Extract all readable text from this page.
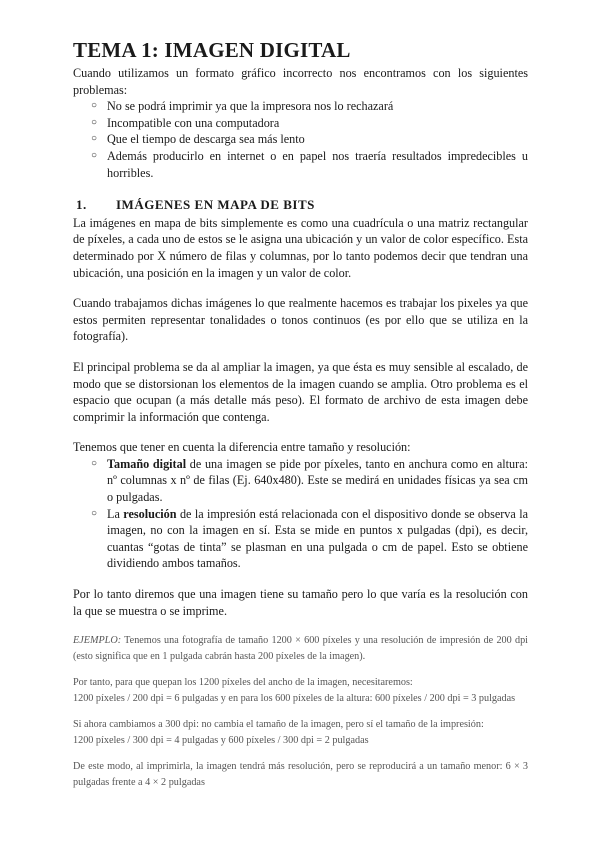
TEMA 1: IMAGEN DIGITAL

Cuando utilizamos un formato gráfico incorrecto nos encontramos con los siguientes problemas:

○ No se podrá imprimir ya que la impresora nos lo rechazará
○ Incompatible con una computadora
○ Que el tiempo de descarga sea más lento
○ Además producirlo en internet o en papel nos traería resultados impredecibles u horribles.
1. IMÁGENES EN MAPA DE BITS

La imágenes en mapa de bits simplemente es como una cuadrícula o una matriz rectangular de píxeles, a cada uno de estos se le asigna una ubicación y un valor de color específico. Esta determinado por X número de filas y columnas, por lo tanto podemos decir que tendran una ubicación, una posición en la imagen y un valor de color.

Cuando trabajamos dichas imágenes lo que realmente hacemos es trabajar los pixeles ya que estos permiten representar tonalidades o tonos continuos (es por ello que se utiliza en la fotografía).

El principal problema se da al ampliar la imagen, ya que ésta es muy sensible al escalado, de modo que se distorsionan los elementos de la imagen cuando se amplia. Otro problema es el espacio que ocupan (a más detalle más peso). El formato de archivo de esta imagen debe comprimir la información que contenga.

Tenemos que tener en cuenta la diferencia entre tamaño y resolución:

○ Tamaño digital de una imagen se pide por píxeles, tanto en anchura como en altura: nº columnas x nº de filas (Ej. 640x480). Este se medirá en unidades físicas ya sea cm o pulgadas.
○ La resolución de la impresión está relacionada con el dispositivo donde se observa la imagen, no con la imagen en sí. Esta se mide en puntos x pulgadas (dpi), es decir, cuantas “gotas de tinta” se plasman en una pulgada o cm de papel. Esto se obtiene dividiendo ambos tamaños.

Por lo tanto diremos que una imagen tiene su tamaño pero lo que varía es la resolución con la que se muestra o se imprime.

EJEMPLO: Tenemos una fotografía de tamaño 1200 × 600 píxeles y una resolución de impresión de 200 dpi (esto significa que en 1 pulgada cabrán hasta 200 píxeles de la imagen).

Por tanto, para que quepan los 1200 píxeles del ancho de la imagen, necesitaremos:
1200 píxeles / 200 dpi = 6 pulgadas y en para los 600 píxeles de la altura: 600 píxeles / 200 dpi = 3 pulgadas

Si ahora cambiamos a 300 dpi: no cambia el tamaño de la imagen, pero sí el tamaño de la impresión:
1200 píxeles / 300 dpi = 4 pulgadas y 600 píxeles / 300 dpi = 2 pulgadas

De este modo, al imprimirla, la imagen tendrá más resolución, pero se reproducirá a un tamaño menor: 6 × 3 pulgadas frente a 4 × 2 pulgadas
